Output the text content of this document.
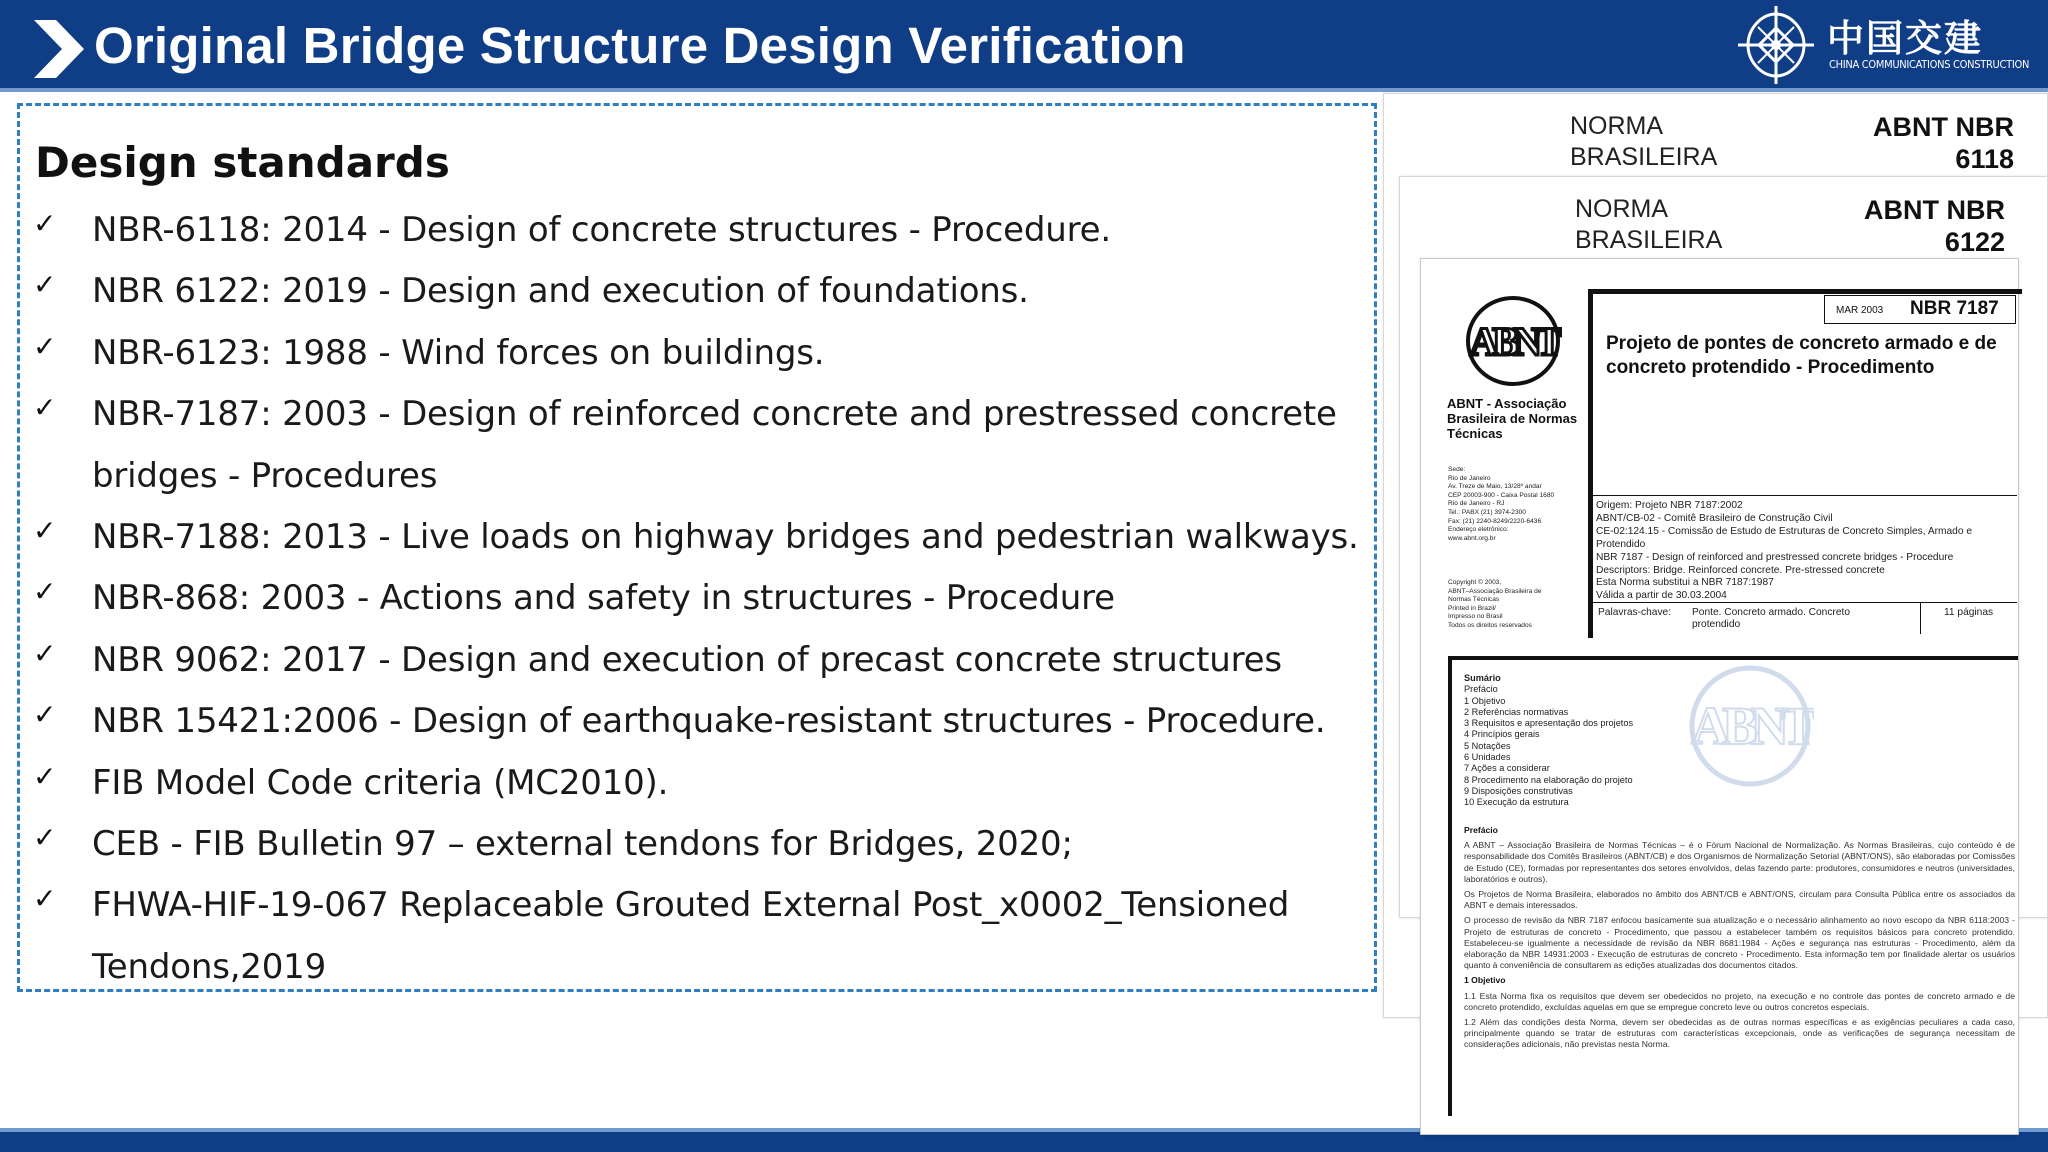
Original Bridge Structure Design Verification	中国交建
CHINA COMMUNICATIONS CONSTRUCTION
Design standards
✓ NBR-6118: 2014 - Design of concrete structures - Procedure.
✓ NBR 6122: 2019 - Design and execution of foundations.
✓ NBR-6123: 1988 - Wind forces on buildings.
✓ NBR-7187: 2003 - Design of reinforced concrete and prestressed concrete bridges - Procedures
✓ NBR-7188: 2013 - Live loads on highway bridges and pedestrian walkways.
✓ NBR-868: 2003 - Actions and safety in structures - Procedure
✓ NBR 9062: 2017 - Design and execution of precast concrete structures
✓ NBR 15421:2006 - Design of earthquake-resistant structures - Procedure.
✓ FIB Model Code criteria (MC2010).
✓ CEB - FIB Bulletin 97 – external tendons for Bridges, 2020;
✓ FHWA-HIF-19-067 Replaceable Grouted External Post_x0002_Tensioned Tendons,2019
NORMA
BRASILEIRA
ABNT NBR
6118
NORMA
BRASILEIRA
ABNT NBR
6122
ABNT
ABNT - Associação Brasileira de Normas Técnicas
Sede:
Rio de Janeiro
Av. Treze de Maio, 13/28º andar
CEP 20003-900 - Caixa Postal 1680
Rio de Janeiro - RJ
Tel.: PABX (21) 3974-2300
Fax: (21) 2240-8249/2220-6436
Endereço eletrônico:
www.abnt.org.br
Copyright © 2003,
ABNT–Associação Brasileira de
Normas Técnicas
Printed in Brazil/
Impresso no Brasil
Todos os direitos reservados
MAR 2003 NBR 7187
Projeto de pontes de concreto armado e de concreto protendido - Procedimento
Origem: Projeto NBR 7187:2002
ABNT/CB-02 - Comitê Brasileiro de Construção Civil
CE-02:124.15 - Comissão de Estudo de Estruturas de Concreto Simples, Armado e Protendido
NBR 7187 - Design of reinforced and prestressed concrete bridges - Procedure
Descriptors: Bridge. Reinforced concrete. Pre-stressed concrete
Esta Norma substitui a NBR 7187:1987
Válida a partir de 30.03.2004
Palavras-chave: Ponte. Concreto armado. Concreto protendido
11 páginas
ABNT
Sumário
Prefácio
1 Objetivo
2 Referências normativas
3 Requisitos e apresentação dos projetos
4 Princípios gerais
5 Notações
6 Unidades
7 Ações a considerar
8 Procedimento na elaboração do projeto
9 Disposições construtivas
10 Execução da estrutura
Prefácio

A ABNT – Associação Brasileira de Normas Técnicas – é o Fórum Nacional de Normalização. As Normas Brasileiras, cujo conteúdo é de responsabilidade dos Comitês Brasileiros (ABNT/CB) e dos Organismos de Normalização Setorial (ABNT/ONS), são elaboradas por Comissões de Estudo (CE), formadas por representantes dos setores envolvidos, delas fazendo parte: produtores, consumidores e neutros (universidades, laboratórios e outros).

Os Projetos de Norma Brasileira, elaborados no âmbito dos ABNT/CB e ABNT/ONS, circulam para Consulta Pública entre os associados da ABNT e demais interessados.

O processo de revisão da NBR 7187 enfocou basicamente sua atualização e o necessário alinhamento ao novo escopo da NBR 6118:2003 - Projeto de estruturas de concreto - Procedimento, que passou a estabelecer também os requisitos básicos para concreto protendido. Estabeleceu-se igualmente a necessidade de revisão da NBR 8681:1984 - Ações e segurança nas estruturas - Procedimento, além da elaboração da NBR 14931:2003 - Execução de estruturas de concreto - Procedimento. Esta informação tem por finalidade alertar os usuários quanto à conveniência de consultarem as edições atualizadas dos documentos citados.

1 Objetivo

1.1 Esta Norma fixa os requisitos que devem ser obedecidos no projeto, na execução e no controle das pontes de concreto armado e de concreto protendido, excluídas aquelas em que se empregue concreto leve ou outros concretos especiais.

1.2 Além das condições desta Norma, devem ser obedecidas as de outras normas específicas e as exigências peculiares a cada caso, principalmente quando se tratar de estruturas com características excepcionais, onde as verificações de segurança necessitam de considerações adicionais, não previstas nesta Norma.
